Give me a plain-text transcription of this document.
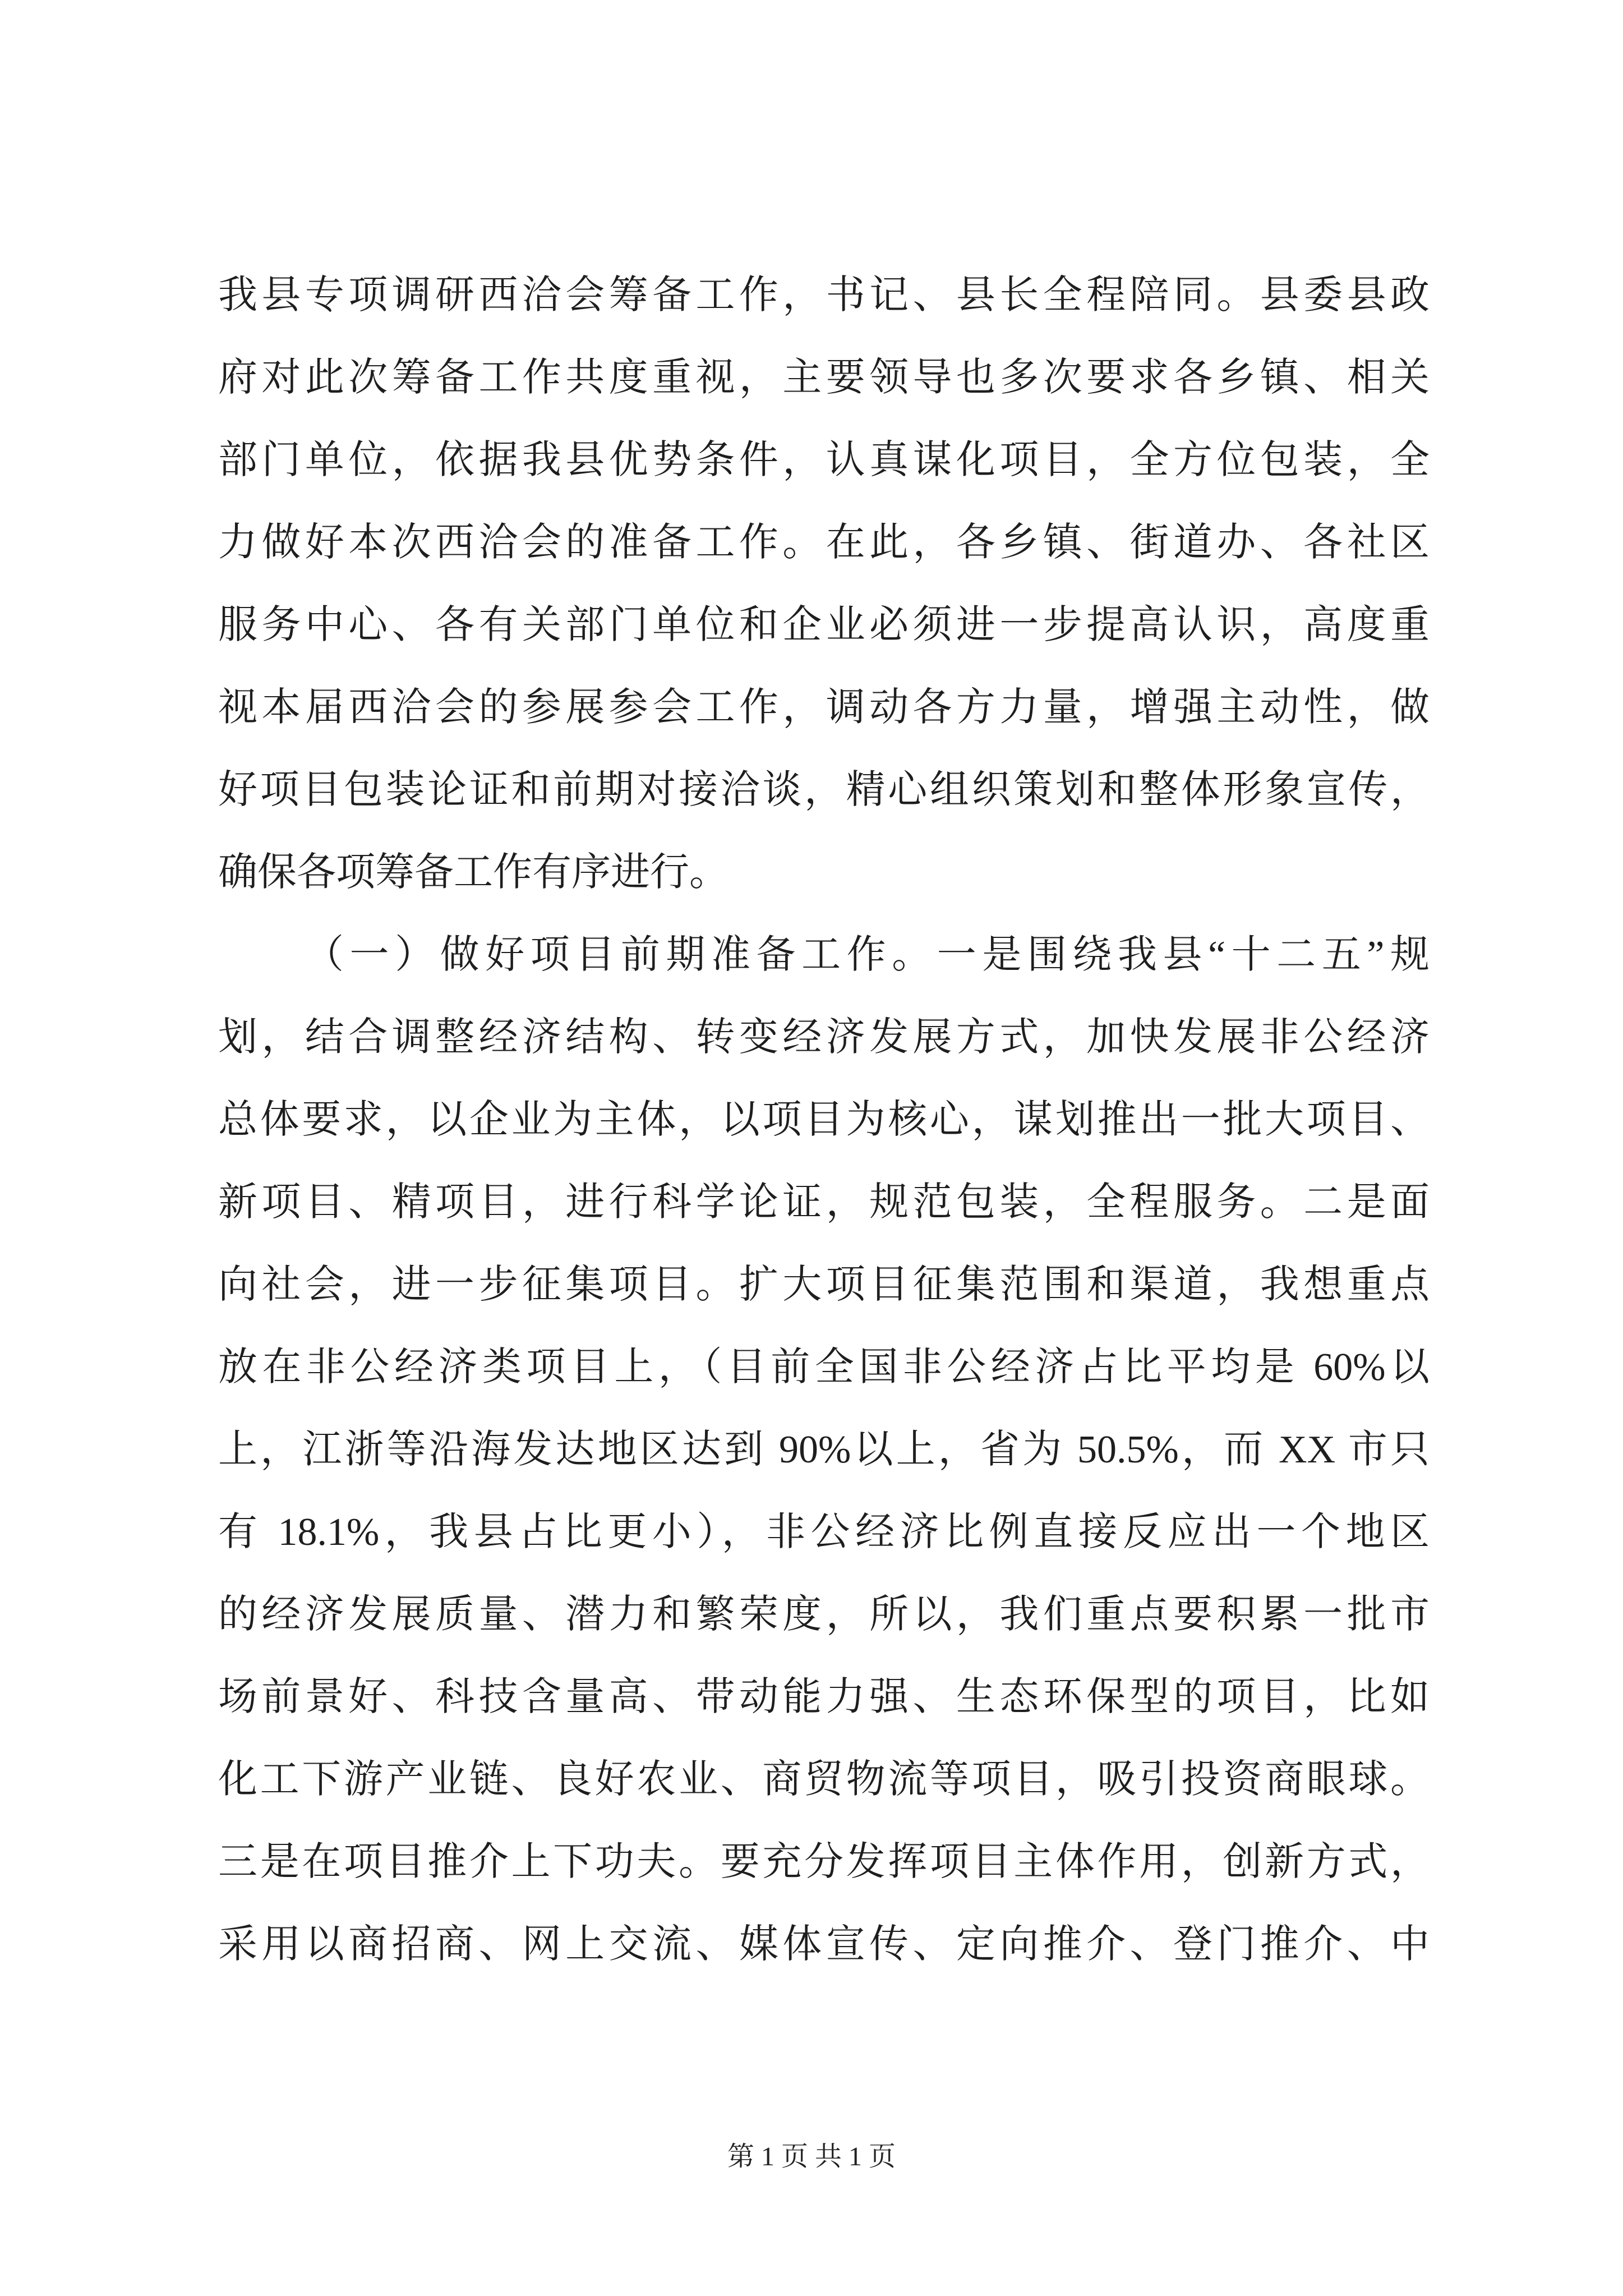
我县专项调研西洽会筹备工作，书记、县长全程陪同。县委县政
府对此次筹备工作共度重视，主要领导也多次要求各乡镇、相关
部门单位，依据我县优势条件，认真谋化项目，全方位包装，全
力做好本次西洽会的准备工作。在此，各乡镇、街道办、各社区
服务中心、各有关部门单位和企业必须进一步提高认识，高度重
视本届西洽会的参展参会工作，调动各方力量，增强主动性，做
好项目包装论证和前期对接洽谈，精心组织策划和整体形象宣传，
确保各项筹备工作有序进行。
（一）做好项目前期准备工作。一是围绕我县“十二五”规
划，结合调整经济结构、转变经济发展方式，加快发展非公经济
总体要求，以企业为主体，以项目为核心，谋划推出一批大项目、
新项目、精项目，进行科学论证，规范包装，全程服务。二是面
向社会，进一步征集项目。扩大项目征集范围和渠道，我想重点
放在非公经济类项目上，（目前全国非公经济占比平均是 60%以
上，江浙等沿海发达地区达到 90%以上，省为 50.5%，而 XX 市只
有 18.1%，我县占比更小），非公经济比例直接反应出一个地区
的经济发展质量、潜力和繁荣度，所以，我们重点要积累一批市
场前景好、科技含量高、带动能力强、生态环保型的项目，比如
化工下游产业链、良好农业、商贸物流等项目，吸引投资商眼球。
三是在项目推介上下功夫。要充分发挥项目主体作用，创新方式，
采用以商招商、网上交流、媒体宣传、定向推介、登门推介、中
第 1 页 共 1 页
